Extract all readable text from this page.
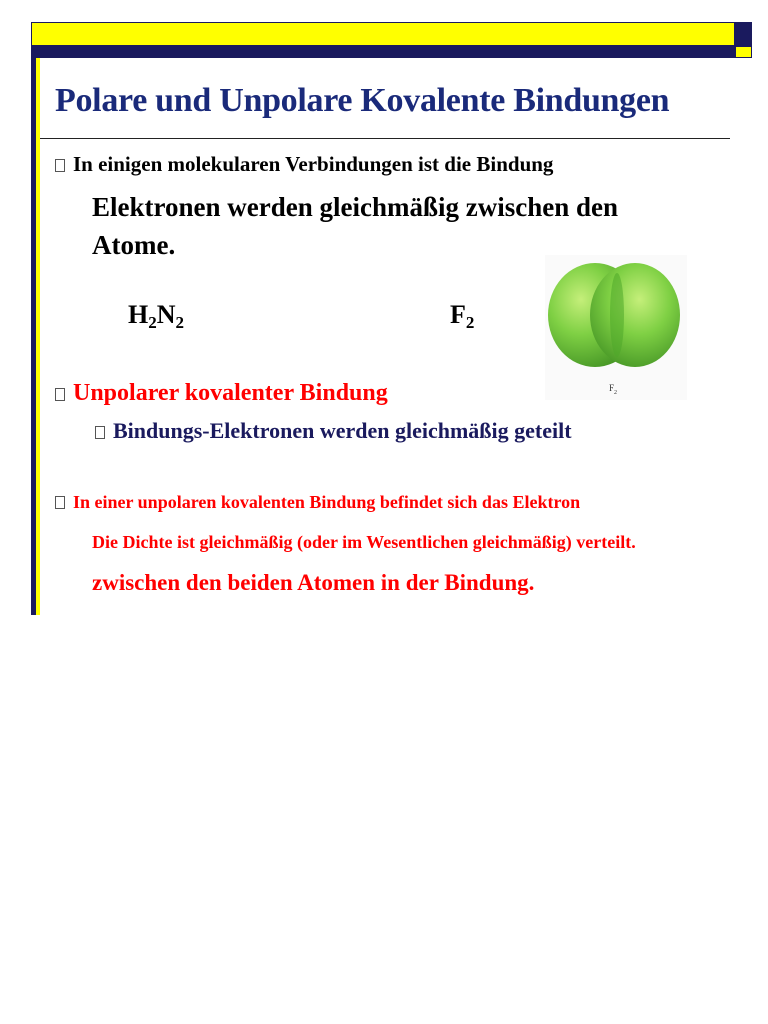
Polare und Unpolare Kovalente Bindungen
In einigen molekularen Verbindungen ist die Bindung
Elektronen werden gleichmäßig zwischen den
Atome.
$H_2N_2$	$F_2$
$F_2$
Unpolarer kovalenter Bindung
Bindungs-Elektronen werden gleichmäßig geteilt
In einer unpolaren kovalenten Bindung befindet sich das Elektron
Die Dichte ist gleichmäßig (oder im Wesentlichen gleichmäßig) verteilt.
zwischen den beiden Atomen in der Bindung.
